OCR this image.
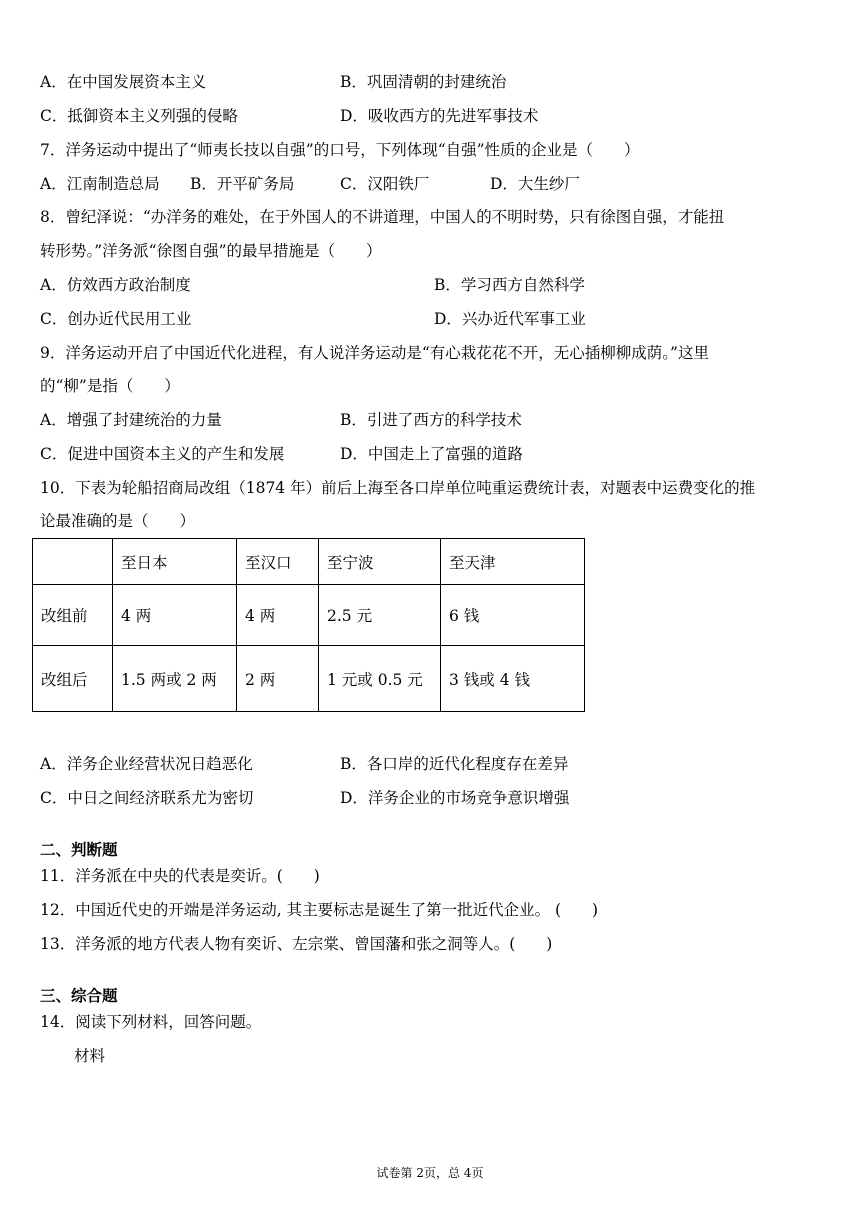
A．在中国发展资本主义	B．巩固清朝的封建统治
C．抵御资本主义列强的侵略	D．吸收西方的先进军事技术
7．洋务运动中提出了“师夷长技以自强”的口号，下列体现“自强”性质的企业是（　　）
A．江南制造总局 B．开平矿务局	C．汉阳铁厂	D．大生纱厂
8．曾纪泽说：“办洋务的难处，在于外国人的不讲道理，中国人的不明时势，只有徐图自强，才能扭
转形势。”洋务派“徐图自强”的最早措施是（　　）
A．仿效西方政治制度	B．学习西方自然科学
C．创办近代民用工业	D．兴办近代军事工业
9．洋务运动开启了中国近代化进程，有人说洋务运动是“有心栽花花不开，无心插柳柳成荫。”这里
的“柳”是指（　　）
A．增强了封建统治的力量	B．引进了西方的科学技术
C．促进中国资本主义的产生和发展	D．中国走上了富强的道路
10．下表为轮船招商局改组（1874 年）前后上海至各口岸单位吨重运费统计表，对题表中运费变化的推
论最准确的是（　　）
	至日本	至汉口	至宁波	至天津
改组前	4 两	4 两	2.5 元	6 钱
改组后	1.5 两或 2 两	2 两	1 元或 0.5 元	3 钱或 4 钱
A．洋务企业经营状况日趋恶化	B．各口岸的近代化程度存在差异
C．中日之间经济联系尤为密切	D．洋务企业的市场竞争意识增强
二、判断题
11．洋务派在中央的代表是奕䜣。(　　)
12．中国近代史的开端是洋务运动, 其主要标志是诞生了第一批近代企业。 (　　)
13．洋务派的地方代表人物有奕䜣、左宗棠、曾国藩和张之洞等人。(　　)
三、综合题
14．阅读下列材料，回答问题。
材料
试卷第 2页，总 4页
